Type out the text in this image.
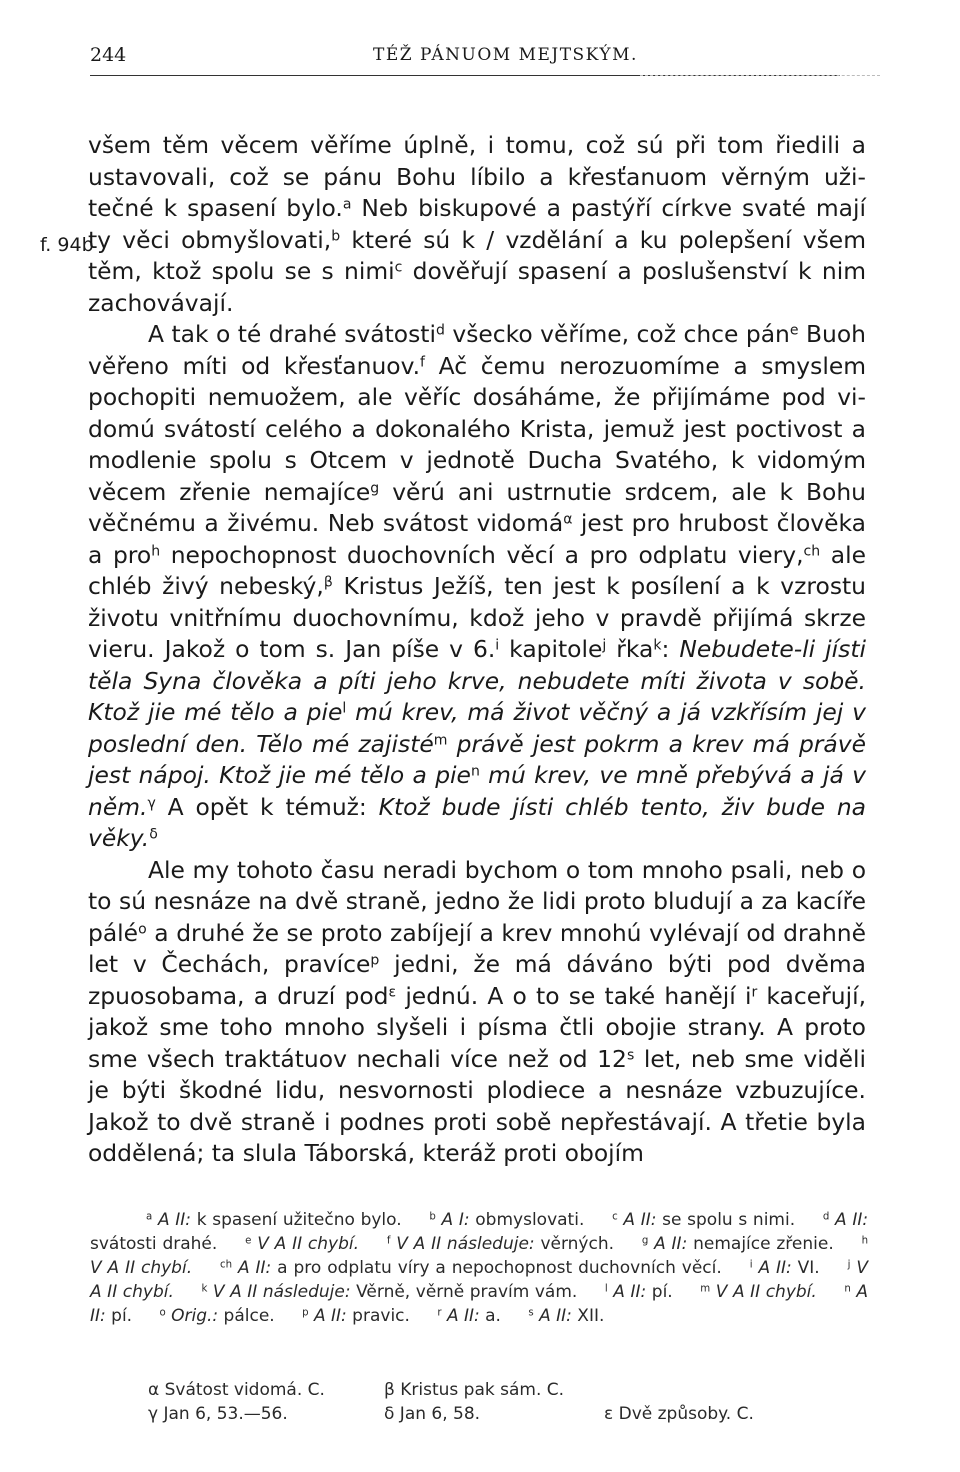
244	TÉŽ PÁNUOM MEJTSKÝM.
f. 94b

všem těm věcem věříme úplně, i tomu, což sú při tom řiedili a ustavovali, což se pánu Bohu líbilo a křesťanuom věrným uži- tečné k spasení bylo.$^a$ Neb biskupové a pastýří církve svaté mají ty věci obmyšlovati,$^b$ které sú k / vzdělání a ku polepšení všem těm, ktož spolu se s nimi$^c$ dověřují spasení a poslušenství k nim zachovávají.

A tak o té drahé svátosti$^d$ všecko věříme, což chce pán$^e$ Buoh věřeno míti od křesťanuov.$^f$ Ač čemu nerozuomíme a smyslem pochopiti nemuožem, ale věříc dosáháme, že přijímáme pod vi- domú svátostí celého a dokonalého Krista, jemuž jest poctivost a modlenie spolu s Otcem v jednotě Ducha Svatého, k vidomým věcem zřenie nemajíce$^g$ věrú ani ustrnutie srdcem, ale k Bohu věčnému a živému. Neb svátost vidomá$^\alpha$ jest pro hrubost člověka a pro$^h$ nepochopnost duochovních věcí a pro odplatu viery,$^{ch}$ ale chléb živý nebeský,$^\beta$ Kristus Ježíš, ten jest k posílení a k vzrostu životu vnitřnímu duochovnímu, kdož jeho v pravdě přijímá skrze vieru. Jakož o tom s. Jan píše v 6.$^i$ kapitole$^j$ řka$^k$: Nebudete-li jísti těla Syna člověka a píti jeho krve, nebudete míti života v sobě. Ktož jie mé tělo a pie$^l$ mú krev, má život věčný a já vzkřísím jej v poslední den. Tělo mé zajisté$^m$ právě jest pokrm a krev má právě jest nápoj. Ktož jie mé tělo a pie$^n$ mú krev, ve mně přebývá a já v něm.$^\gamma$ A opět k témuž: Ktož bude jísti chléb tento, živ bude na věky.$^\delta$

Ale my tohoto času neradi bychom o tom mnoho psali, neb o to sú nesnáze na dvě straně, jedno že lidi proto bludují a za kacíře pálé$^o$ a druhé že se proto zabíjejí a krev mnohú vylévají od drahně let v Čechách, pravíce$^p$ jedni, že má dáváno býti pod dvěma zpuosobama, a druzí pod$^\varepsilon$ jednú. A o to se také hanějí $i^r$ kaceřují, jakož sme toho mnoho slyšeli i písma čtli obojie strany. A proto sme všech traktátuov nechali více než od 12$^s$ let, neb sme viděli je býti škodné lidu, nesvornosti plodiece a nesnáze vzbuzujíce. Jakož to dvě straně i podnes proti sobě nepřestávají. A třetie byla oddělená; ta slula Táborská, kteráž proti obojím

$^a$ A II: k spasení užitečno bylo.	$^b$ A I: obmyslovati.	$^c$ A II: se spolu s nimi.	$^d$ A II: svátosti drahé.	$^e$ V A II chybí.	$^f$ V A II následuje: věrných.	$^g$ A II: nemajíce zřenie.	$^h$ V A II chybí.	$^{ch}$ A II: a pro odplatu víry a nepochopnost duchovních věcí.	$^i$ A II: VI.	$^j$ V A II chybí.	$^k$ V A II následuje: Věrně, věrně pravím vám.	$^l$ A II: pí.	$^m$ V A II chybí.	$^n$ A II: pí.	$^o$ Orig.: pálce.	$^p$ A II: pravic.	$^r$ A II: a.	$^s$ A II: XII.
α Svátost vidomá. C.	β Kristus pak sám. C.
γ Jan 6, 53.—56.	δ Jan 6, 58.	ε Dvě způsoby. C.
